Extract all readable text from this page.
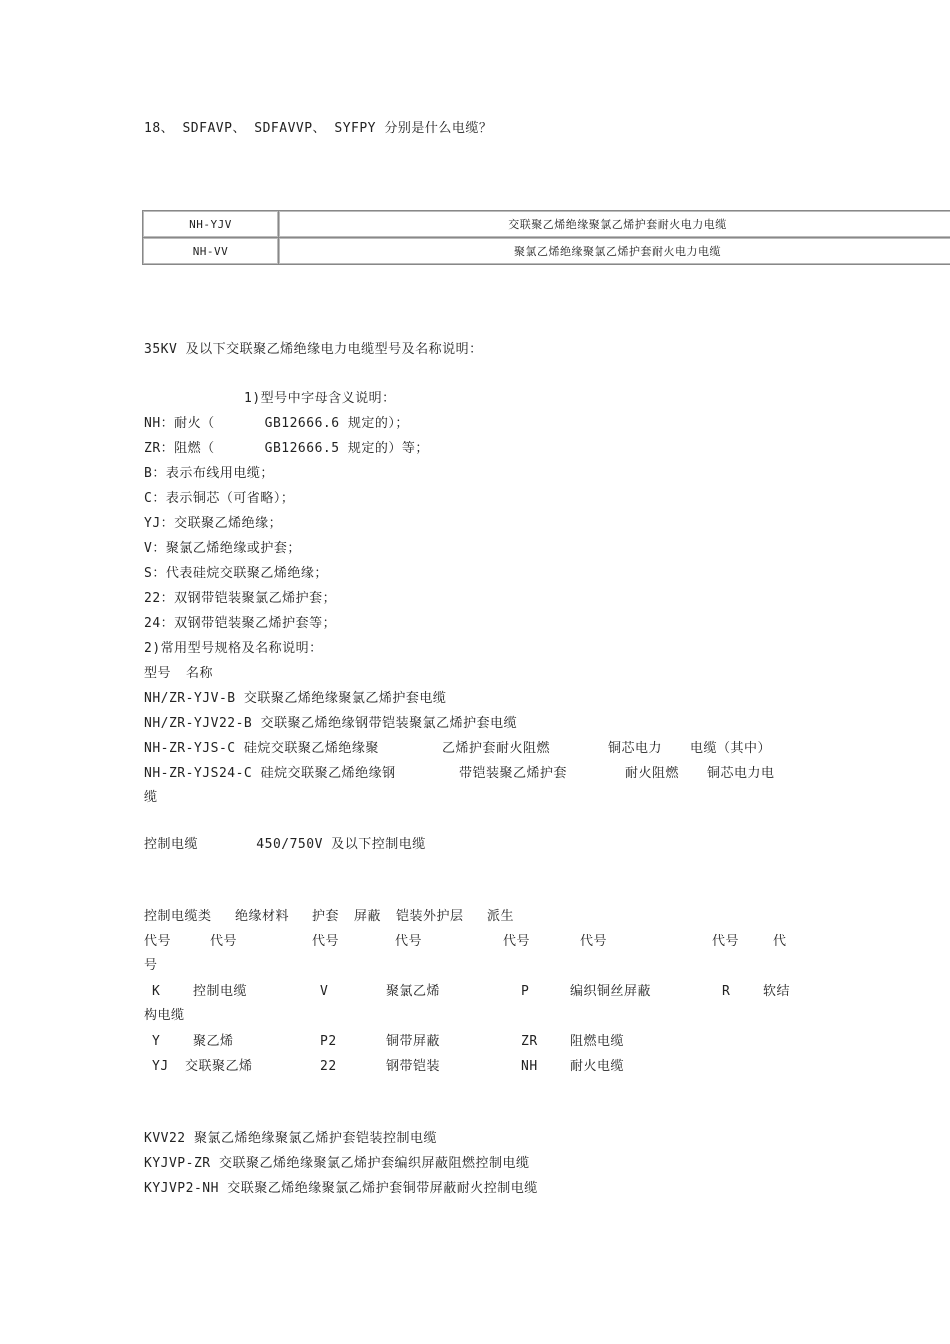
18、 SDFAVP、 SDFAVVP、 SYFPY 分别是什么电缆？
NH-YJV	交联聚乙烯绝缘聚氯乙烯护套耐火电力电缆
NH-VV	聚氯乙烯绝缘聚氯乙烯护套耐火电力电缆
35KV 及以下交联聚乙烯绝缘电力电缆型号及名称说明：
1)型号中字母含义说明：
NH：耐火（      GB12666.6 规定的）；
ZR：阻燃（      GB12666.5 规定的）等；
B：表示布线用电缆；
C：表示铜芯（可省略）；
YJ：交联聚乙烯绝缘；
V：聚氯乙烯绝缘或护套；
S：代表硅烷交联聚乙烯绝缘；
22：双钢带铠装聚氯乙烯护套；
24：双钢带铠装聚乙烯护套等；
2)常用型号规格及名称说明：
型号 名称
NH/ZR-YJV-B 交联聚乙烯绝缘聚氯乙烯护套电缆
NH/ZR-YJV22-B 交联聚乙烯绝缘钢带铠装聚氯乙烯护套电缆
NH-ZR-YJS-C 硅烷交联聚乙烯绝缘聚	乙烯护套耐火阻燃	铜芯电力 电缆（其中）
NH-ZR-YJS24-C 硅烷交联聚乙烯绝缘钢	带铠装聚乙烯护套	耐火阻燃 铜芯电力电
缆
控制电缆       450/750V 及以下控制电缆
控制电缆类 绝缘材料 护套 屏蔽 铠装外护层 派生
代号	代号	代号	代号	代号	代号	代号	代
号
K	控制电缆	V	聚氯乙烯	P	编织铜丝屏蔽	R	软结
构电缆
Y	聚乙烯	P2	铜带屏蔽	ZR 阻燃电缆
YJ 交联聚乙烯	22	钢带铠装	NH 耐火电缆
KVV22 聚氯乙烯绝缘聚氯乙烯护套铠装控制电缆
KYJVP-ZR 交联聚乙烯绝缘聚氯乙烯护套编织屏蔽阻燃控制电缆
KYJVP2-NH 交联聚乙烯绝缘聚氯乙烯护套铜带屏蔽耐火控制电缆
